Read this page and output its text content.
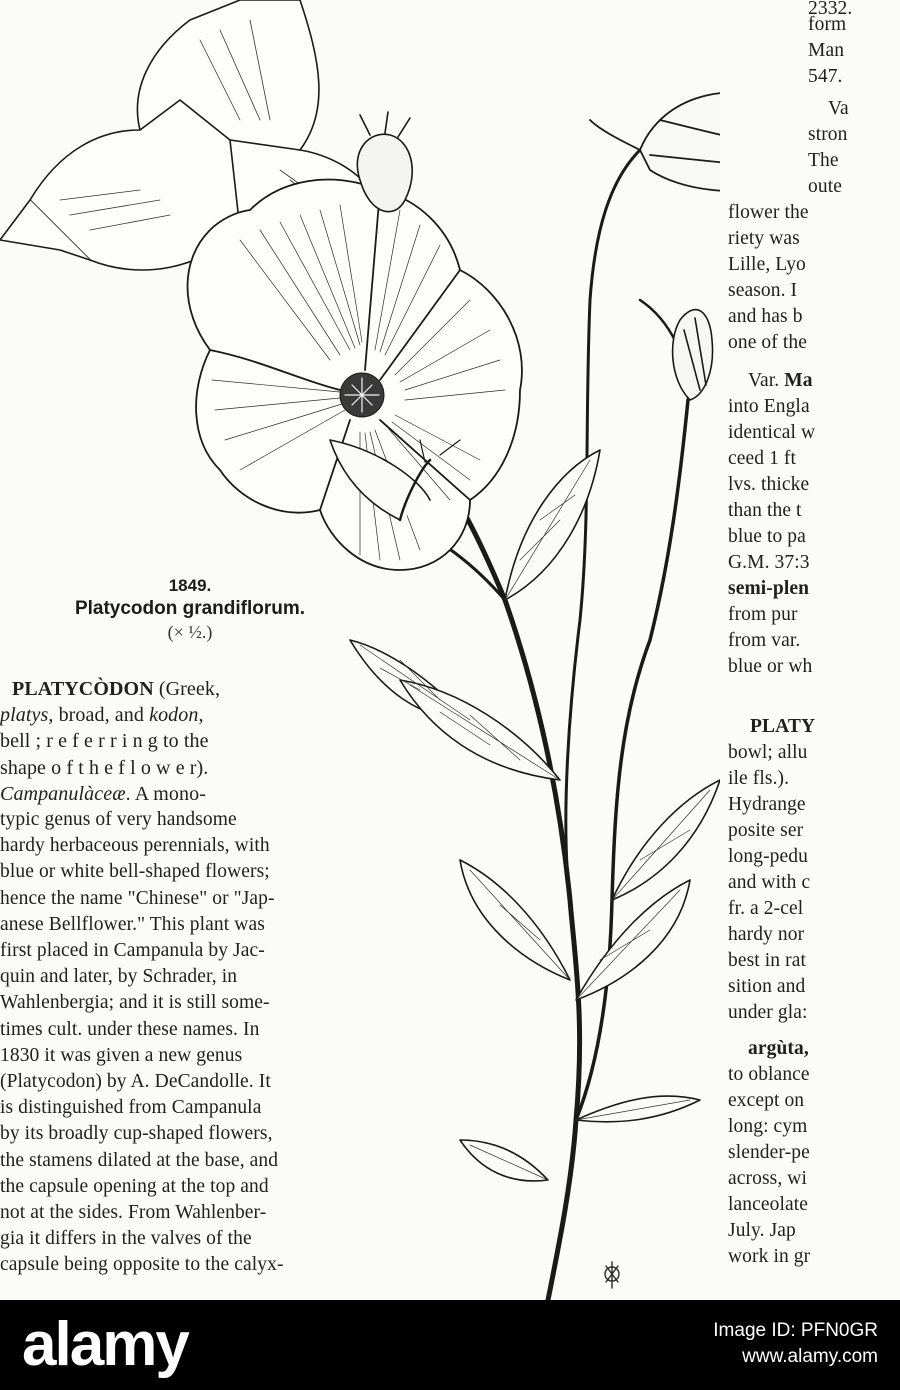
1849.
Platycodon grandiflorum.
(× ½.)
PLATYCÒDON (Greek,
platys, broad, and kodon,
bell ; r e f e r r i n g to the
shape o f t h e f l o w e r).
Campanulàceæ. A mono-
typic genus of very handsome
hardy herbaceous perennials, with
blue or white bell-shaped flowers;
hence the name "Chinese" or "Jap-
anese Bellflower." This plant was
first placed in Campanula by Jac-
quin and later, by Schrader, in
Wahlenbergia; and it is still some-
times cult. under these names. In
1830 it was given a new genus
(Platycodon) by A. DeCandolle. It
is distinguished from Campanula
by its broadly cup-shaped flowers,
the stamens dilated at the base, and
the capsule opening at the top and
not at the sides. From Wahlenber-
gia it differs in the valves of the
capsule being opposite to the calyx-
2332.
form
Man
547.
Va
stron
The
oute
flower the
riety was
Lille, Lyo
season. I
and has b
one of the
Var. Ma
into Engla
identical w
ceed 1 ft
lvs. thicke
than the t
blue to pa
G.M. 37:3
semi-plen
from pur
from var.
blue or wh
PLATY
bowl; allu
ile fls.).
Hydrange
posite ser
long-pedu
and with c
fr. a 2-cel
hardy nor
best in rat
sition and
under gla:
argùta,
to oblance
except on
long: cym
slender-pe
across, wi
lanceolate
July. Jap
work in gr
alamy	Image ID: PFN0GR
www.alamy.com
